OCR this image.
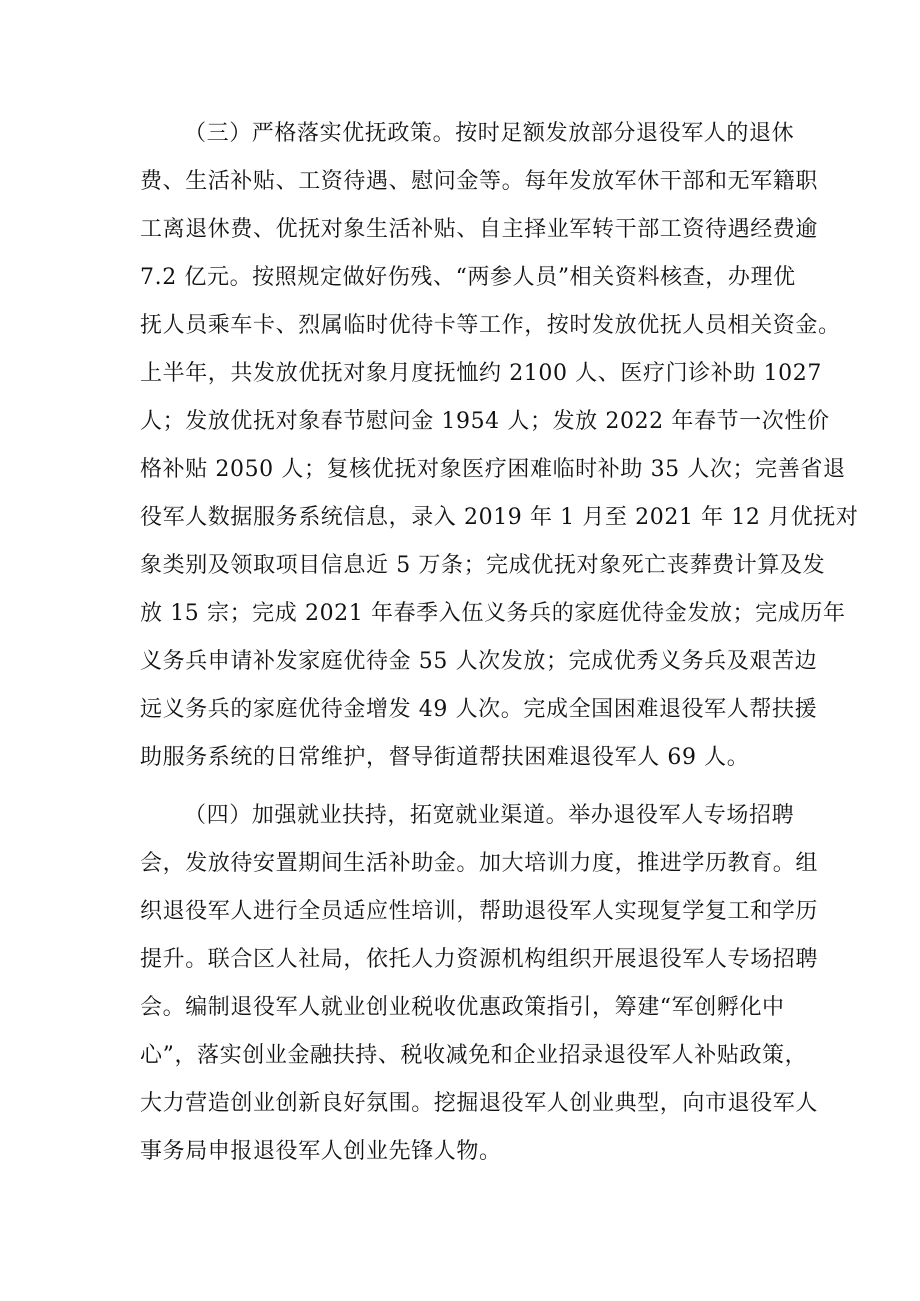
（三）严格落实优抚政策。按时足额发放部分退役军人的退休
费、生活补贴、工资待遇、慰问金等。每年发放军休干部和无军籍职
工离退休费、优抚对象生活补贴、自主择业军转干部工资待遇经费逾
7.2 亿元。按照规定做好伤残、“两参人员”相关资料核查，办理优
抚人员乘车卡、烈属临时优待卡等工作，按时发放优抚人员相关资金。
上半年，共发放优抚对象月度抚恤约 2100 人、医疗门诊补助 1027
人；发放优抚对象春节慰问金 1954 人；发放 2022 年春节一次性价
格补贴 2050 人；复核优抚对象医疗困难临时补助 35 人次；完善省退
役军人数据服务系统信息，录入 2019 年 1 月至 2021 年 12 月优抚对
象类别及领取项目信息近 5 万条；完成优抚对象死亡丧葬费计算及发
放 15 宗；完成 2021 年春季入伍义务兵的家庭优待金发放；完成历年
义务兵申请补发家庭优待金 55 人次发放；完成优秀义务兵及艰苦边
远义务兵的家庭优待金增发 49 人次。完成全国困难退役军人帮扶援
助服务系统的日常维护，督导街道帮扶困难退役军人 69 人。
（四）加强就业扶持，拓宽就业渠道。举办退役军人专场招聘
会，发放待安置期间生活补助金。加大培训力度，推进学历教育。组
织退役军人进行全员适应性培训，帮助退役军人实现复学复工和学历
提升。联合区人社局，依托人力资源机构组织开展退役军人专场招聘
会。编制退役军人就业创业税收优惠政策指引，筹建“军创孵化中
心”，落实创业金融扶持、税收减免和企业招录退役军人补贴政策，
大力营造创业创新良好氛围。挖掘退役军人创业典型，向市退役军人
事务局申报退役军人创业先锋人物。
